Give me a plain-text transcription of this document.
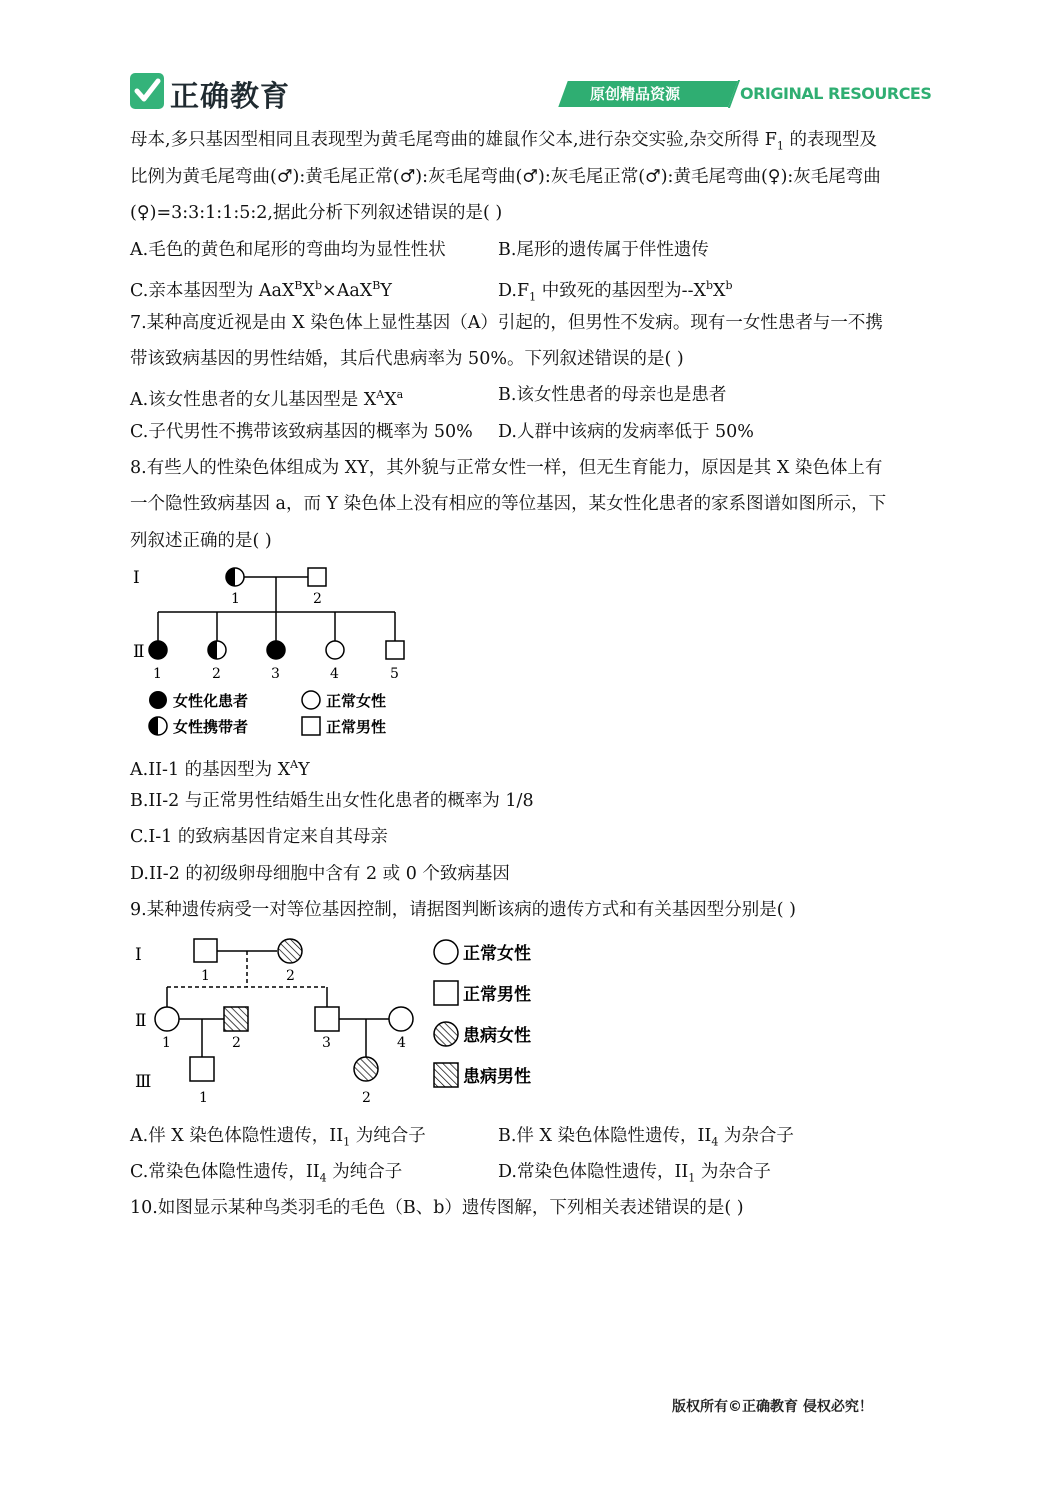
正确教育	原创精品资源	ORIGINAL RESOURCES
母本,多只基因型相同且表现型为黄毛尾弯曲的雄鼠作父本,进行杂交实验,杂交所得 $F_1$ 的表现型及
比例为黄毛尾弯曲(♂):黄毛尾正常(♂):灰毛尾弯曲(♂):灰毛尾正常(♂):黄毛尾弯曲(♀):灰毛尾弯曲
(♀)=3:3:1:1:5:2,据此分析下列叙述错误的是( )
A.毛色的黄色和尾形的弯曲均为显性性状	B.尾形的遗传属于伴性遗传
C.亲本基因型为 $AaX^BX^b\times AaX^BY$	$D.F_1$ 中致死的基因型为$--X^bX^b$
7.某种高度近视是由 X 染色体上显性基因（A）引起的，但男性不发病。现有一女性患者与一不携
带该致病基因的男性结婚，其后代患病率为 50%。下列叙述错误的是( )
A.该女性患者的女儿基因型是 $X^AX^a$	B.该女性患者的母亲也是患者
C.子代男性不携带该致病基因的概率为 50% D.人群中该病的发病率低于 50%
8.有些人的性染色体组成为 XY，其外貌与正常女性一样，但无生育能力，原因是其 X 染色体上有
一个隐性致病基因 a，而 Y 染色体上没有相应的等位基因，某女性化患者的家系图谱如图所示，下
列叙述正确的是( )
Ⅰ
Ⅱ
1	2
1	2	3	4	5
女性化患者	正常女性
女性携带者	正常男性
A.II-1 的基因型为 $X^AY$
B.II-2 与正常男性结婚生出女性化患者的概率为 1/8
C.I-1 的致病基因肯定来自其母亲
D.II-2 的初级卵母细胞中含有 2 或 0 个致病基因
9.某种遗传病受一对等位基因控制，请据图判断该病的遗传方式和有关基因型分别是( )
Ⅰ
Ⅱ
Ⅲ
1	2
1	2	3	4
1	2
正常女性
正常男性
患病女性
患病男性
A.伴 X 染色体隐性遗传，$II_1$ 为纯合子	B.伴 X 染色体隐性遗传，$II_4$ 为杂合子
C.常染色体隐性遗传，$II_4$ 为纯合子	D.常染色体隐性遗传，$II_1$ 为杂合子
10.如图显示某种鸟类羽毛的毛色（B、b）遗传图解，下列相关表述错误的是( )
版权所有©正确教育 侵权必究！
